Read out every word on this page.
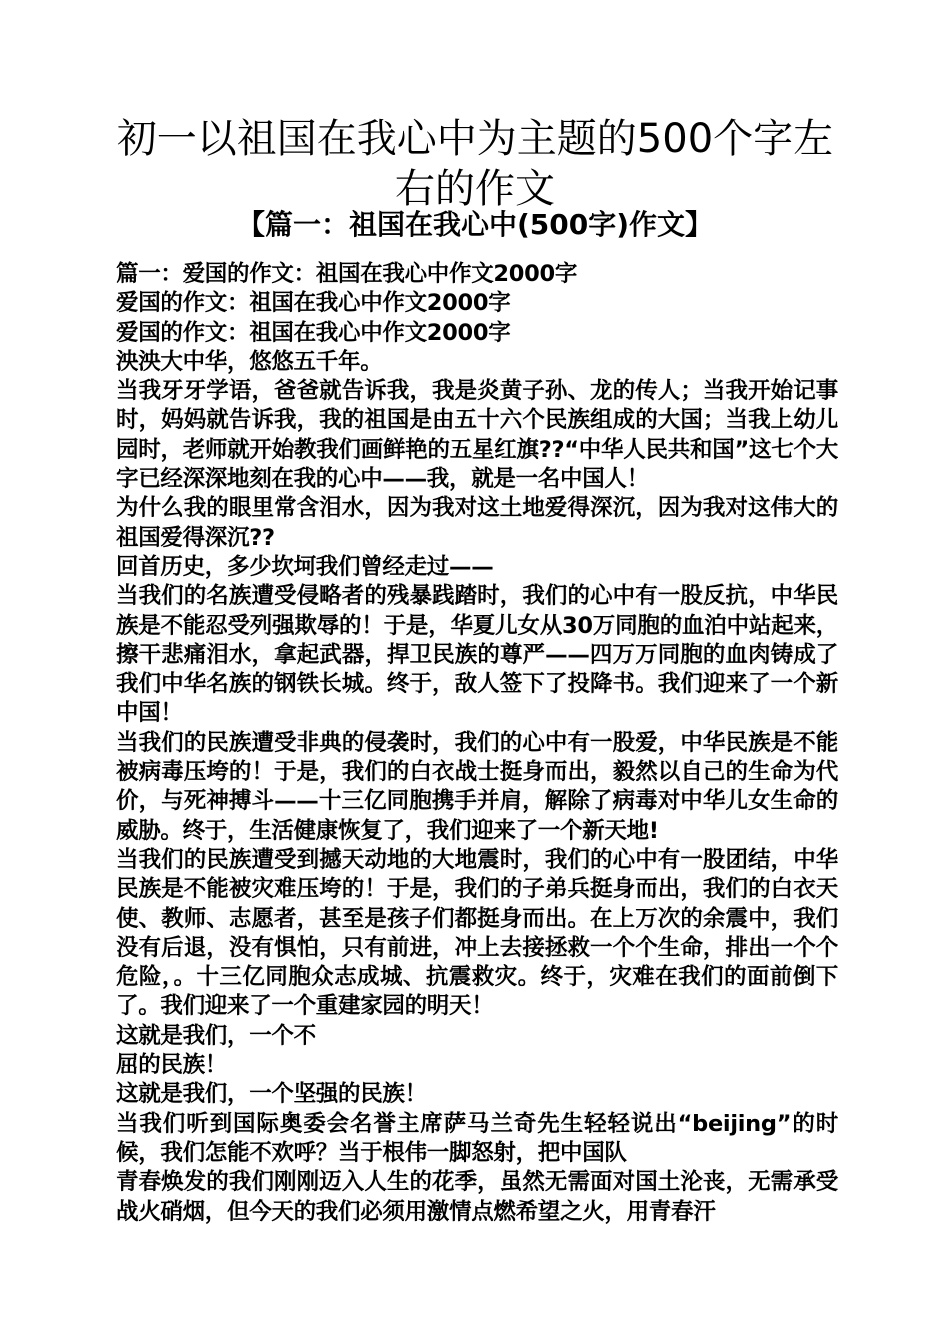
初一以祖国在我心中为主题的500个字左右的作文
【篇一：祖国在我心中(500字)作文】

篇一：爱国的作文：祖国在我心中作文2000字

爱国的作文：祖国在我心中作文2000字

爱国的作文：祖国在我心中作文2000字

泱泱大中华，悠悠五千年。

当我牙牙学语，爸爸就告诉我，我是炎黄子孙、龙的传人；当我开始记事时，妈妈就告诉我，我的祖国是由五十六个民族组成的大国；当我上幼儿园时，老师就开始教我们画鲜艳的五星红旗??“中华人民共和国”这七个大字已经深深地刻在我的心中——我，就是一名中国人！

为什么我的眼里常含泪水，因为我对这土地爱得深沉，因为我对这伟大的祖国爱得深沉??

回首历史，多少坎坷我们曾经走过——

当我们的名族遭受侵略者的残暴践踏时，我们的心中有一股反抗，中华民族是不能忍受列强欺辱的！于是，华夏儿女从30万同胞的血泊中站起来，擦干悲痛泪水，拿起武器，捍卫民族的尊严——四万万同胞的血肉铸成了我们中华名族的钢铁长城。终于，敌人签下了投降书。我们迎来了一个新中国！

当我们的民族遭受非典的侵袭时，我们的心中有一股爱，中华民族是不能被病毒压垮的！于是，我们的白衣战士挺身而出，毅然以自己的生命为代价，与死神搏斗——十三亿同胞携手并肩，解除了病毒对中华儿女生命的威胁。终于，生活健康恢复了，我们迎来了一个新天地!

当我们的民族遭受到撼天动地的大地震时，我们的心中有一股团结，中华民族是不能被灾难压垮的！于是，我们的子弟兵挺身而出，我们的白衣天使、教师、志愿者，甚至是孩子们都挺身而出。在上万次的余震中，我们没有后退，没有惧怕，只有前进，冲上去接拯救一个个生命，排出一个个危险，。十三亿同胞众志成城、抗震救灾。终于，灾难在我们的面前倒下了。我们迎来了一个重建家园的明天！

这就是我们，一个不

屈的民族！

这就是我们，一个坚强的民族！

当我们听到国际奥委会名誉主席萨马兰奇先生轻轻说出“beijing”的时候，我们怎能不欢呼？当于根伟一脚怒射，把中国队

青春焕发的我们刚刚迈入人生的花季，虽然无需面对国土沦丧，无需承受战火硝烟，但今天的我们必须用激情点燃希望之火，用青春汗
